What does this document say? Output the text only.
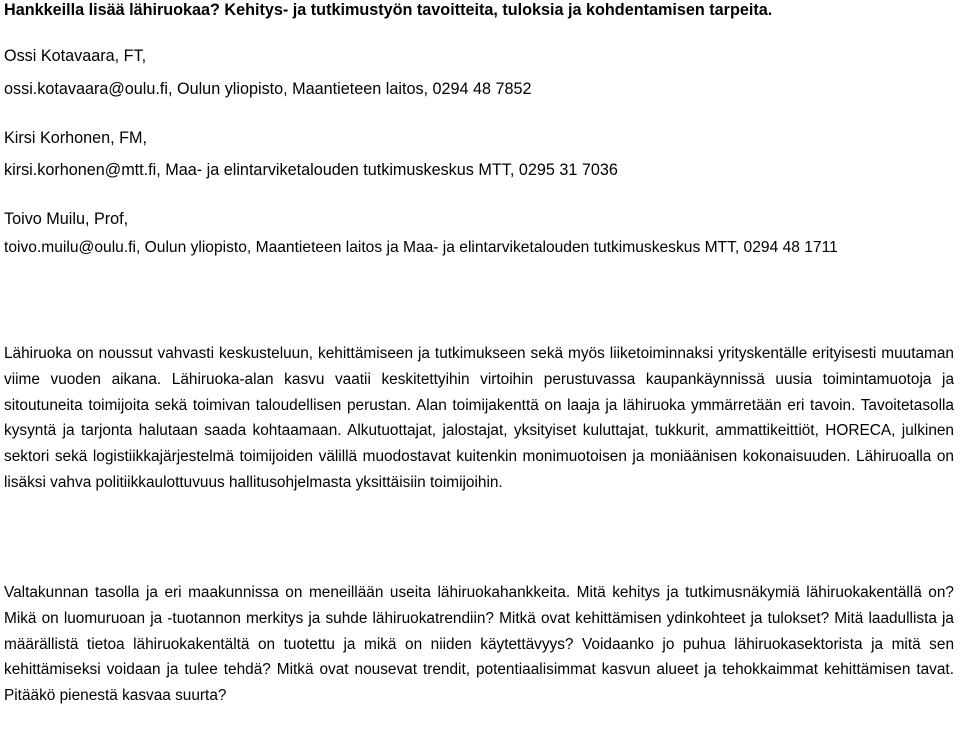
Hankkeilla lisää lähiruokaa? Kehitys- ja tutkimustyön tavoitteita, tuloksia ja kohdentamisen tarpeita.
Ossi Kotavaara, FT,
ossi.kotavaara@oulu.fi, Oulun yliopisto, Maantieteen laitos, 0294 48 7852
Kirsi Korhonen, FM,
kirsi.korhonen@mtt.fi, Maa- ja elintarviketalouden tutkimuskeskus MTT, 0295 31 7036
Toivo Muilu, Prof,

toivo.muilu@oulu.fi, Oulun yliopisto, Maantieteen laitos ja Maa- ja elintarviketalouden tutkimuskeskus MTT, 0294 48 1711

Lähiruoka on noussut vahvasti keskusteluun, kehittämiseen ja tutkimukseen sekä myös liiketoiminnaksi yrityskentälle erityisesti muutaman viime vuoden aikana. Lähiruoka-alan kasvu vaatii keskitettyihin virtoihin perustuvassa kaupankäynnissä uusia toimintamuotoja ja sitoutuneita toimijoita sekä toimivan taloudellisen perustan. Alan toimijakenttä on laaja ja lähiruoka ymmärretään eri tavoin. Tavoitetasolla kysyntä ja tarjonta halutaan saada kohtaamaan. Alkutuottajat, jalostajat, yksityiset kuluttajat, tukkurit, ammattikeittiöt, HORECA, julkinen sektori sekä logistiikkajärjestelmä toimijoiden välillä muodostavat kuitenkin monimuotoisen ja moniäänisen kokonaisuuden. Lähiruoalla on lisäksi vahva politiikkaulottuvuus hallitusohjelmasta yksittäisiin toimijoihin.

Valtakunnan tasolla ja eri maakunnissa on meneillään useita lähiruokahankkeita. Mitä kehitys ja tutkimusnäkymiä lähiruokakentällä on? Mikä on luomuruoan ja -tuotannon merkitys ja suhde lähiruokatrendiin? Mitkä ovat kehittämisen ydinkohteet ja tulokset? Mitä laadullista ja määrällistä tietoa lähiruokakentältä on tuotettu ja mikä on niiden käytettävyys? Voidaanko jo puhua lähiruokasektorista ja mitä sen kehittämiseksi voidaan ja tulee tehdä? Mitkä ovat nousevat trendit, potentiaalisimmat kasvun alueet ja tehokkaimmat kehittämisen tavat. Pitääkö pienestä kasvaa suurta?
